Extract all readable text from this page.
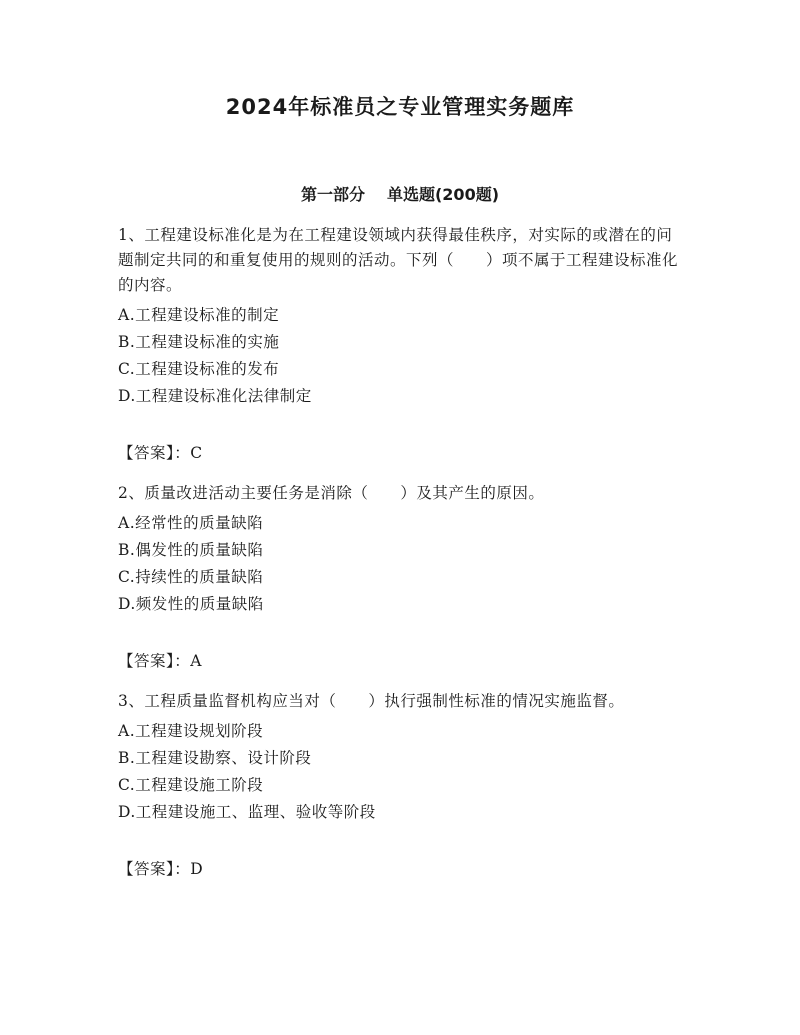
2024年标准员之专业管理实务题库
第一部分 单选题(200题)

1、工程建设标准化是为在工程建设领域内获得最佳秩序，对实际的或潜在的问题制定共同的和重复使用的规则的活动。下列（　　）项不属于工程建设标准化的内容。

A.工程建设标准的制定
B.工程建设标准的实施
C.工程建设标准的发布
D.工程建设标准化法律制定
【答案】：C

2、质量改进活动主要任务是消除（　　）及其产生的原因。

A.经常性的质量缺陷
B.偶发性的质量缺陷
C.持续性的质量缺陷
D.频发性的质量缺陷
【答案】：A

3、工程质量监督机构应当对（　　）执行强制性标准的情况实施监督。

A.工程建设规划阶段
B.工程建设勘察、设计阶段
C.工程建设施工阶段
D.工程建设施工、监理、验收等阶段
【答案】：D
